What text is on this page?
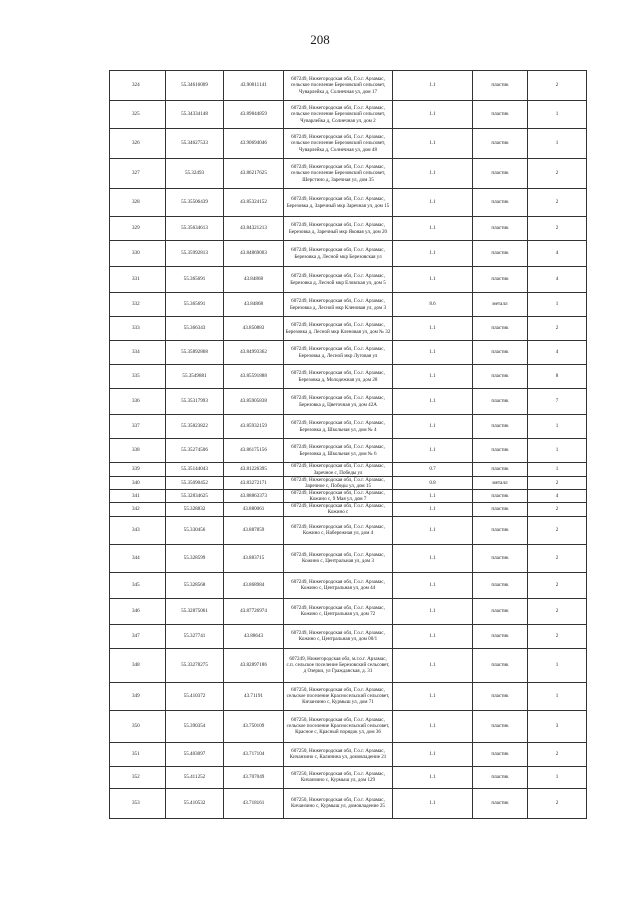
208
324	55.34616009	43.90011141	607249, Нижегородская обл, Г.о.г. Арзамас, сельское поселение Березовский сельсовет, Чуварлейка д, Солнечная ул, дом 17	1.1	пластик	2
325	55.34334148	43.89844859	607249, Нижегородская обл, Г.о.г. Арзамас, сельское поселение Березовский сельсовет, Чуварлейка д, Солнечная ул, дом 2	1.1	пластик	1
326	55.34627533	43.90694046	607249, Нижегородская обл, Г.о.г. Арзамас, сельское поселение Березовский сельсовет, Чуварлейка д, Солнечная ул, дом 48	1.1	пластик	1
327	55.32493	43.86217625	607249, Нижегородская обл, Г.о.г. Арзамас, сельское поселение Березовский сельсовет, Шерстино д, Заречная ул, дом 35	1.1	пластик	2
328	55.35506439	43.85324152	607249, Нижегородская обл, Г.о.г. Арзамас, Березовка д, Заречный мкр Заречная ул, дом 15	1.1	пластик	2
329	55.35634613	43.84321213	607249, Нижегородская обл, Г.о.г. Арзамас, Березовка д, Заречный мкр Яковая ул, дом 20	1.1	пластик	2
330	55.35992813	43.84869003	607249, Нижегородская обл, Г.о.г. Арзамас, Березовка д, Лесной мкр Березовская ул	1.1	пластик	4
331	55.365691	43.84868	607249, Нижегородская обл, Г.о.г. Арзамас, Березовка д, Лесной мкр Еловская ул, дом 5	1.1	пластик	4
332	55.365691	43.84868	607249, Нижегородская обл, Г.о.г. Арзамас, Березовка д, Лесной мкр Кленовая ул, дом 3	8.6	металл	1
333	55.366343	43.850883	607249, Нижегородская обл, Г.о.г. Арзамас, Березовка д, Лесной мкр Кленовая ул, дом № 32	1.1	пластик	2
334	55.35892868	43.84993362	607249, Нижегородская обл, Г.о.г. Арзамас, Березовка д, Лесной мкр Луговая ул	1.1	пластик	4
335	55.3549881	43.85591888	607249, Нижегородская обл, Г.о.г. Арзамас, Березовка д, Молодежная ул, дом 28	1.1	пластик	8
336	55.35317993	43.85905838	607249, Нижегородская обл, Г.о.г. Арзамас, Березовка д, Цветочная ул, дом 42А	1.1	пластик	7
337	55.35823822	43.85932159	607249, Нижегородская обл, Г.о.г. Арзамас, Березовка д, Школьная ул, дом № 4	1.1	пластик	1
338	55.35274506	43.86175156	607249, Нижегородская обл, Г.о.г. Арзамас, Березовка д, Школьная ул, дом № 6	1.1	пластик	1
339	55.35144043	43.81226395	607249, Нижегородская обл, Г.о.г. Арзамас, Заречное с, Победы ул	0.7	пластик	1
340	55.35090452	43.83272171	607249, Нижегородская обл, Г.о.г. Арзамас, Заречное с, Победы ул, дом 15	0.8	металл	2
341	55.32834625	43.88863373	607249, Нижегородская обл, Г.о.г. Арзамас, Кожино с, 9 Мая ул, дом 7	1.1	пластик	4
342	55.328832	43.880061	607249, Нижегородская обл, Г.о.г. Арзамас, Кожино с	1.1	пластик	2
343	55.330456	43.887859	607249, Нижегородская обл, Г.о.г. Арзамас, Кожино с, Набережная ул, дом 4	1.1	пластик	2
344	55.328599	43.883715	607249, Нижегородская обл, Г.о.г. Арзамас, Кожино с, Центральная ул, дом 3	1.1	пластик	2
345	55.328568	43.868984	607249, Нижегородская обл, Г.о.г. Арзамас, Кожино с, Центральная ул, дом 44	1.1	пластик	2
346	55.32875061	43.87726974	607249, Нижегородская обл, Г.о.г. Арзамас, Кожино с, Центральная ул, дом 72	1.1	пластик	2
347	55.327741	43.88643	607249, Нижегородская обл, Г.о.г. Арзамас, Кожино с, Центральная ул, дом 00/1	1.1	пластик	2
348	55.33278275	43.82897186	607249, Нижегородская обл, м.г.о.г. Арзамас, с.п. сельское поселение Березовский сельсовет, д Озерки, ул Гражданская, д. 31	1.1	пластик	1
349	55.410372	43.71191	607250, Нижегородская обл, Г.о.г. Арзамас, сельское поселение Красносельский сельсовет, Кичанзино с, Курмыш ул, дом 71	1.1	пластик	1
350	55.390354	43.750109	607250, Нижегородская обл, Г.о.г. Арзамас, сельское поселение Красносельский сельсовет, Красное с, Красный порядок ул, дом 36	1.1	пластик	3
351	55.403097	43.717104	607250, Нижегородская обл, Г.о.г. Арзамас, Кичанзино с, Калинина ул, домовладение 21	1.1	пластик	2
352	55.411252	43.707049	607250, Нижегородская обл, Г.о.г. Арзамас, Кичанзино с, Курмыш ул, дом 129	1.1	пластик	1
353	55.410532	43.718161	607250, Нижегородская обл, Г.о.г. Арзамас, Кичанзино с, Курмыш ул, домовладение 25	1.1	пластик	2
